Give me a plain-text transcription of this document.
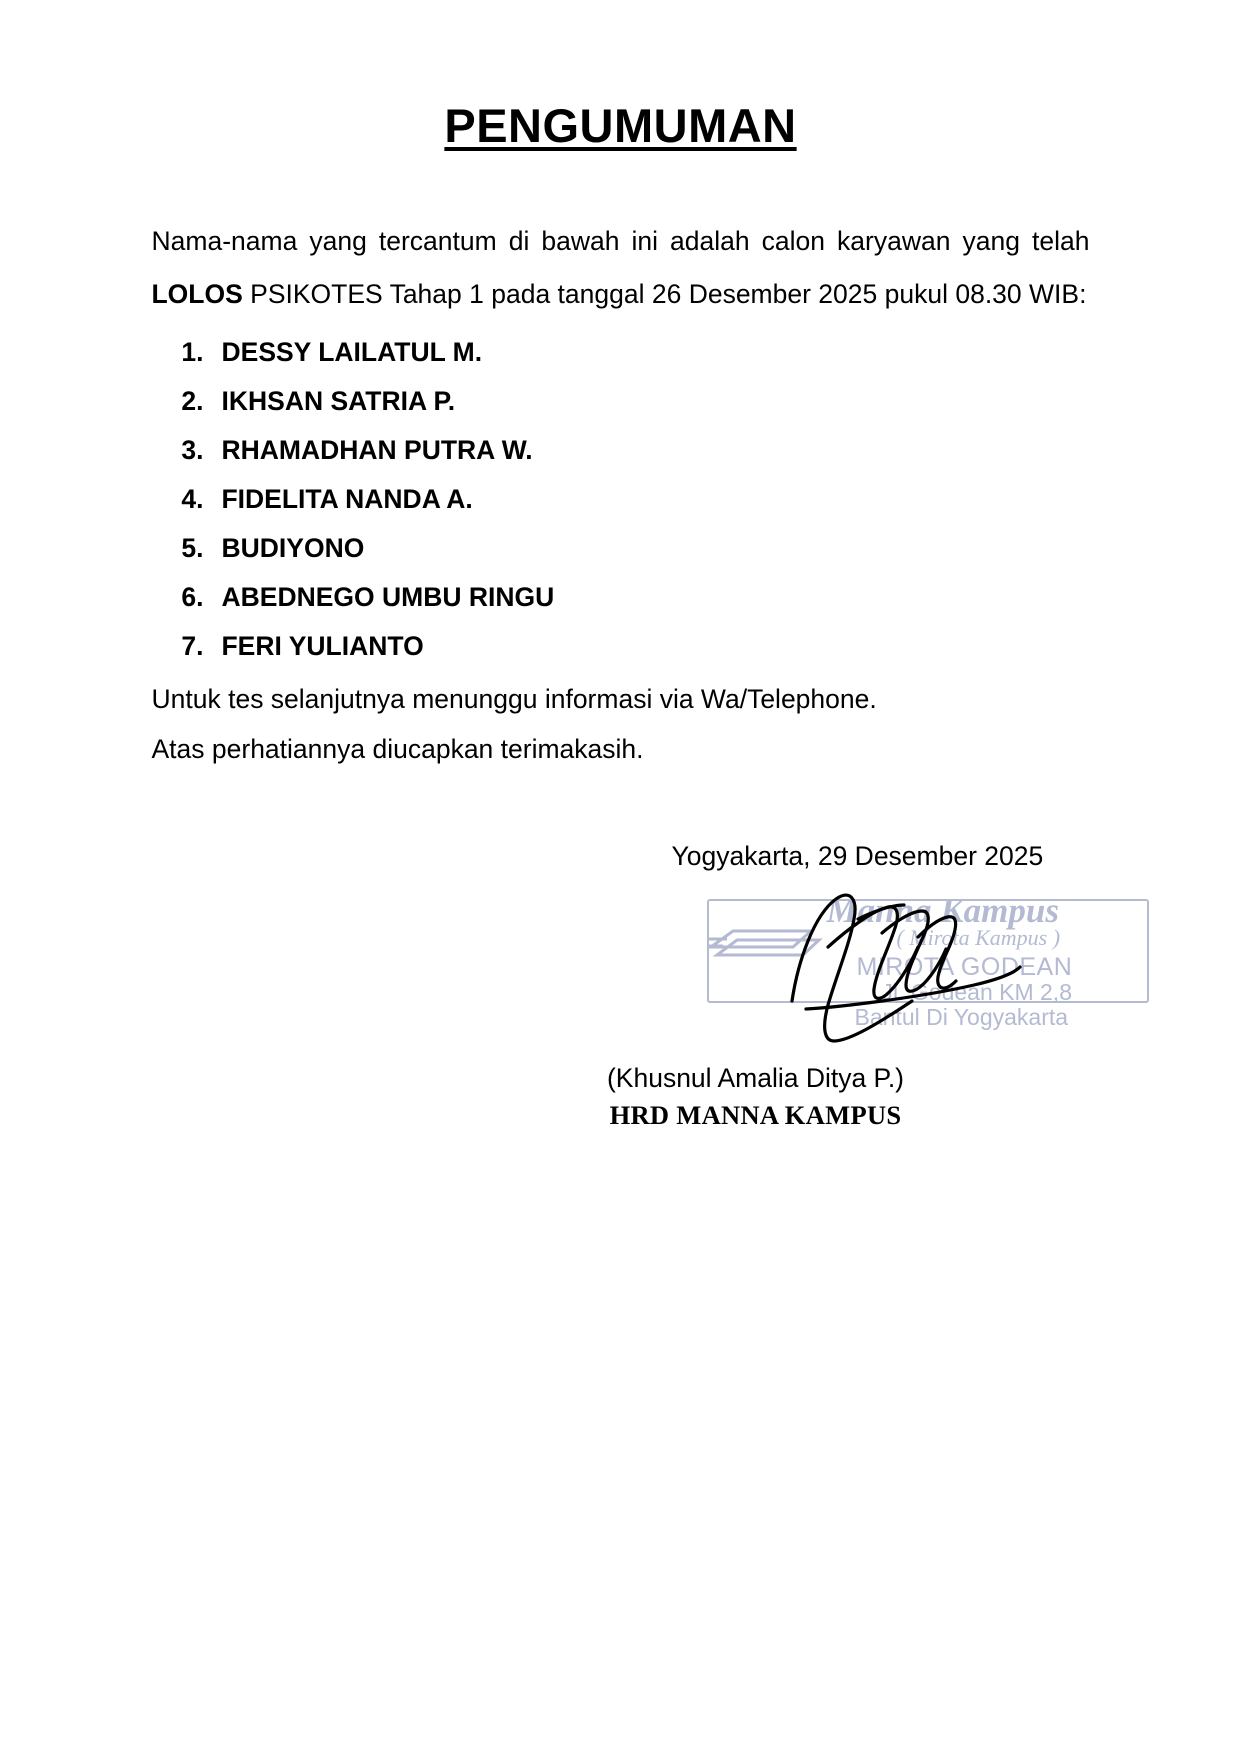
PENGUMUMAN

Nama-nama yang tercantum di bawah ini adalah calon karyawan yang telah LOLOS PSIKOTES Tahap 1 pada tanggal 26 Desember 2025 pukul 08.30 WIB:

1. DESSY LAILATUL M.
2. IKHSAN SATRIA P.
3. RHAMADHAN PUTRA W.
4. FIDELITA NANDA A.
5. BUDIYONO
6. ABEDNEGO UMBU RINGU
7. FERI YULIANTO
Untuk tes selanjutnya menunggu informasi via Wa/Telephone.
Atas perhatiannya diucapkan terimakasih.
Yogyakarta, 29 Desember 2025
Manna Kampus
( Mirota Kampus )
MIROTA GODEAN
Jl. Godean KM 2,8
Bantul Di Yogyakarta
(Khusnul Amalia Ditya P.)
HRD MANNA KAMPUS
